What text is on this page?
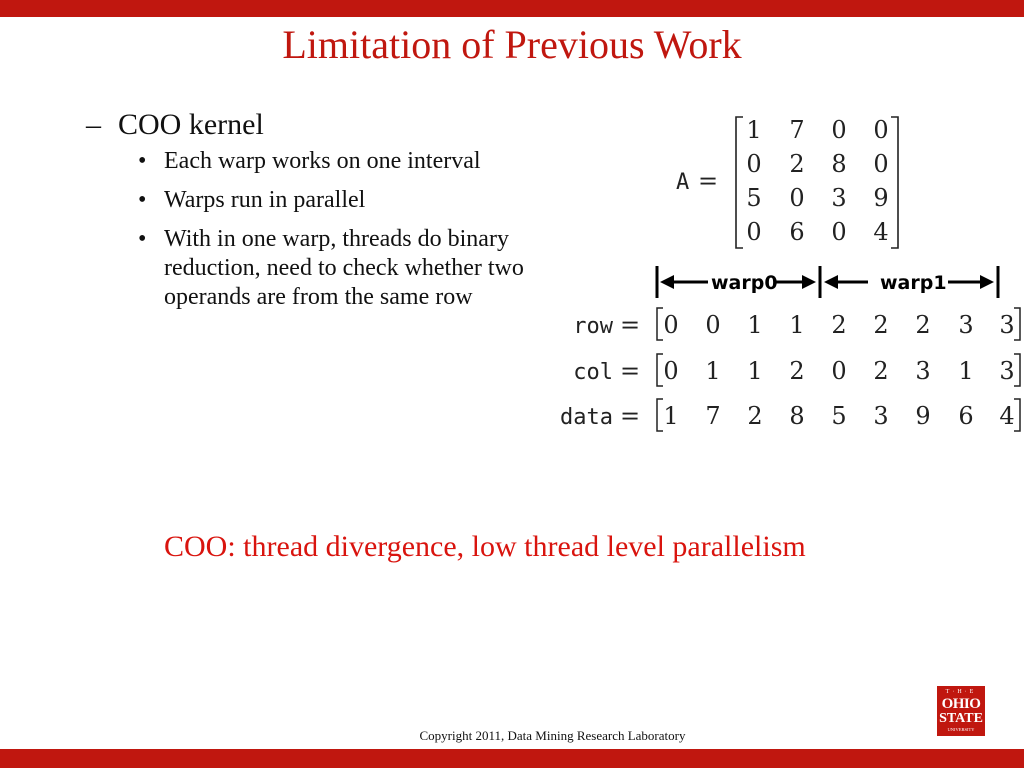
Limitation of Previous Work
– COO kernel
• Each warp works on one interval
• Warps run in parallel
• With in one warp, threads do binary reduction, need to check whether two operands are from the same row
A =
1 7 0 0
0 2 8 0
5 0 3 9
0 6 0 4
warp0	warp1
row = 0 0 1 1 2 2 2 3 3
col = 0 1 1 2 0 2 3 1 3
data = 1 7 2 8 5 3 9 6 4
COO: thread divergence, low thread level parallelism
Copyright 2011, Data Mining Research Laboratory
T·H·E
OHIO
STATE
UNIVERSITY
